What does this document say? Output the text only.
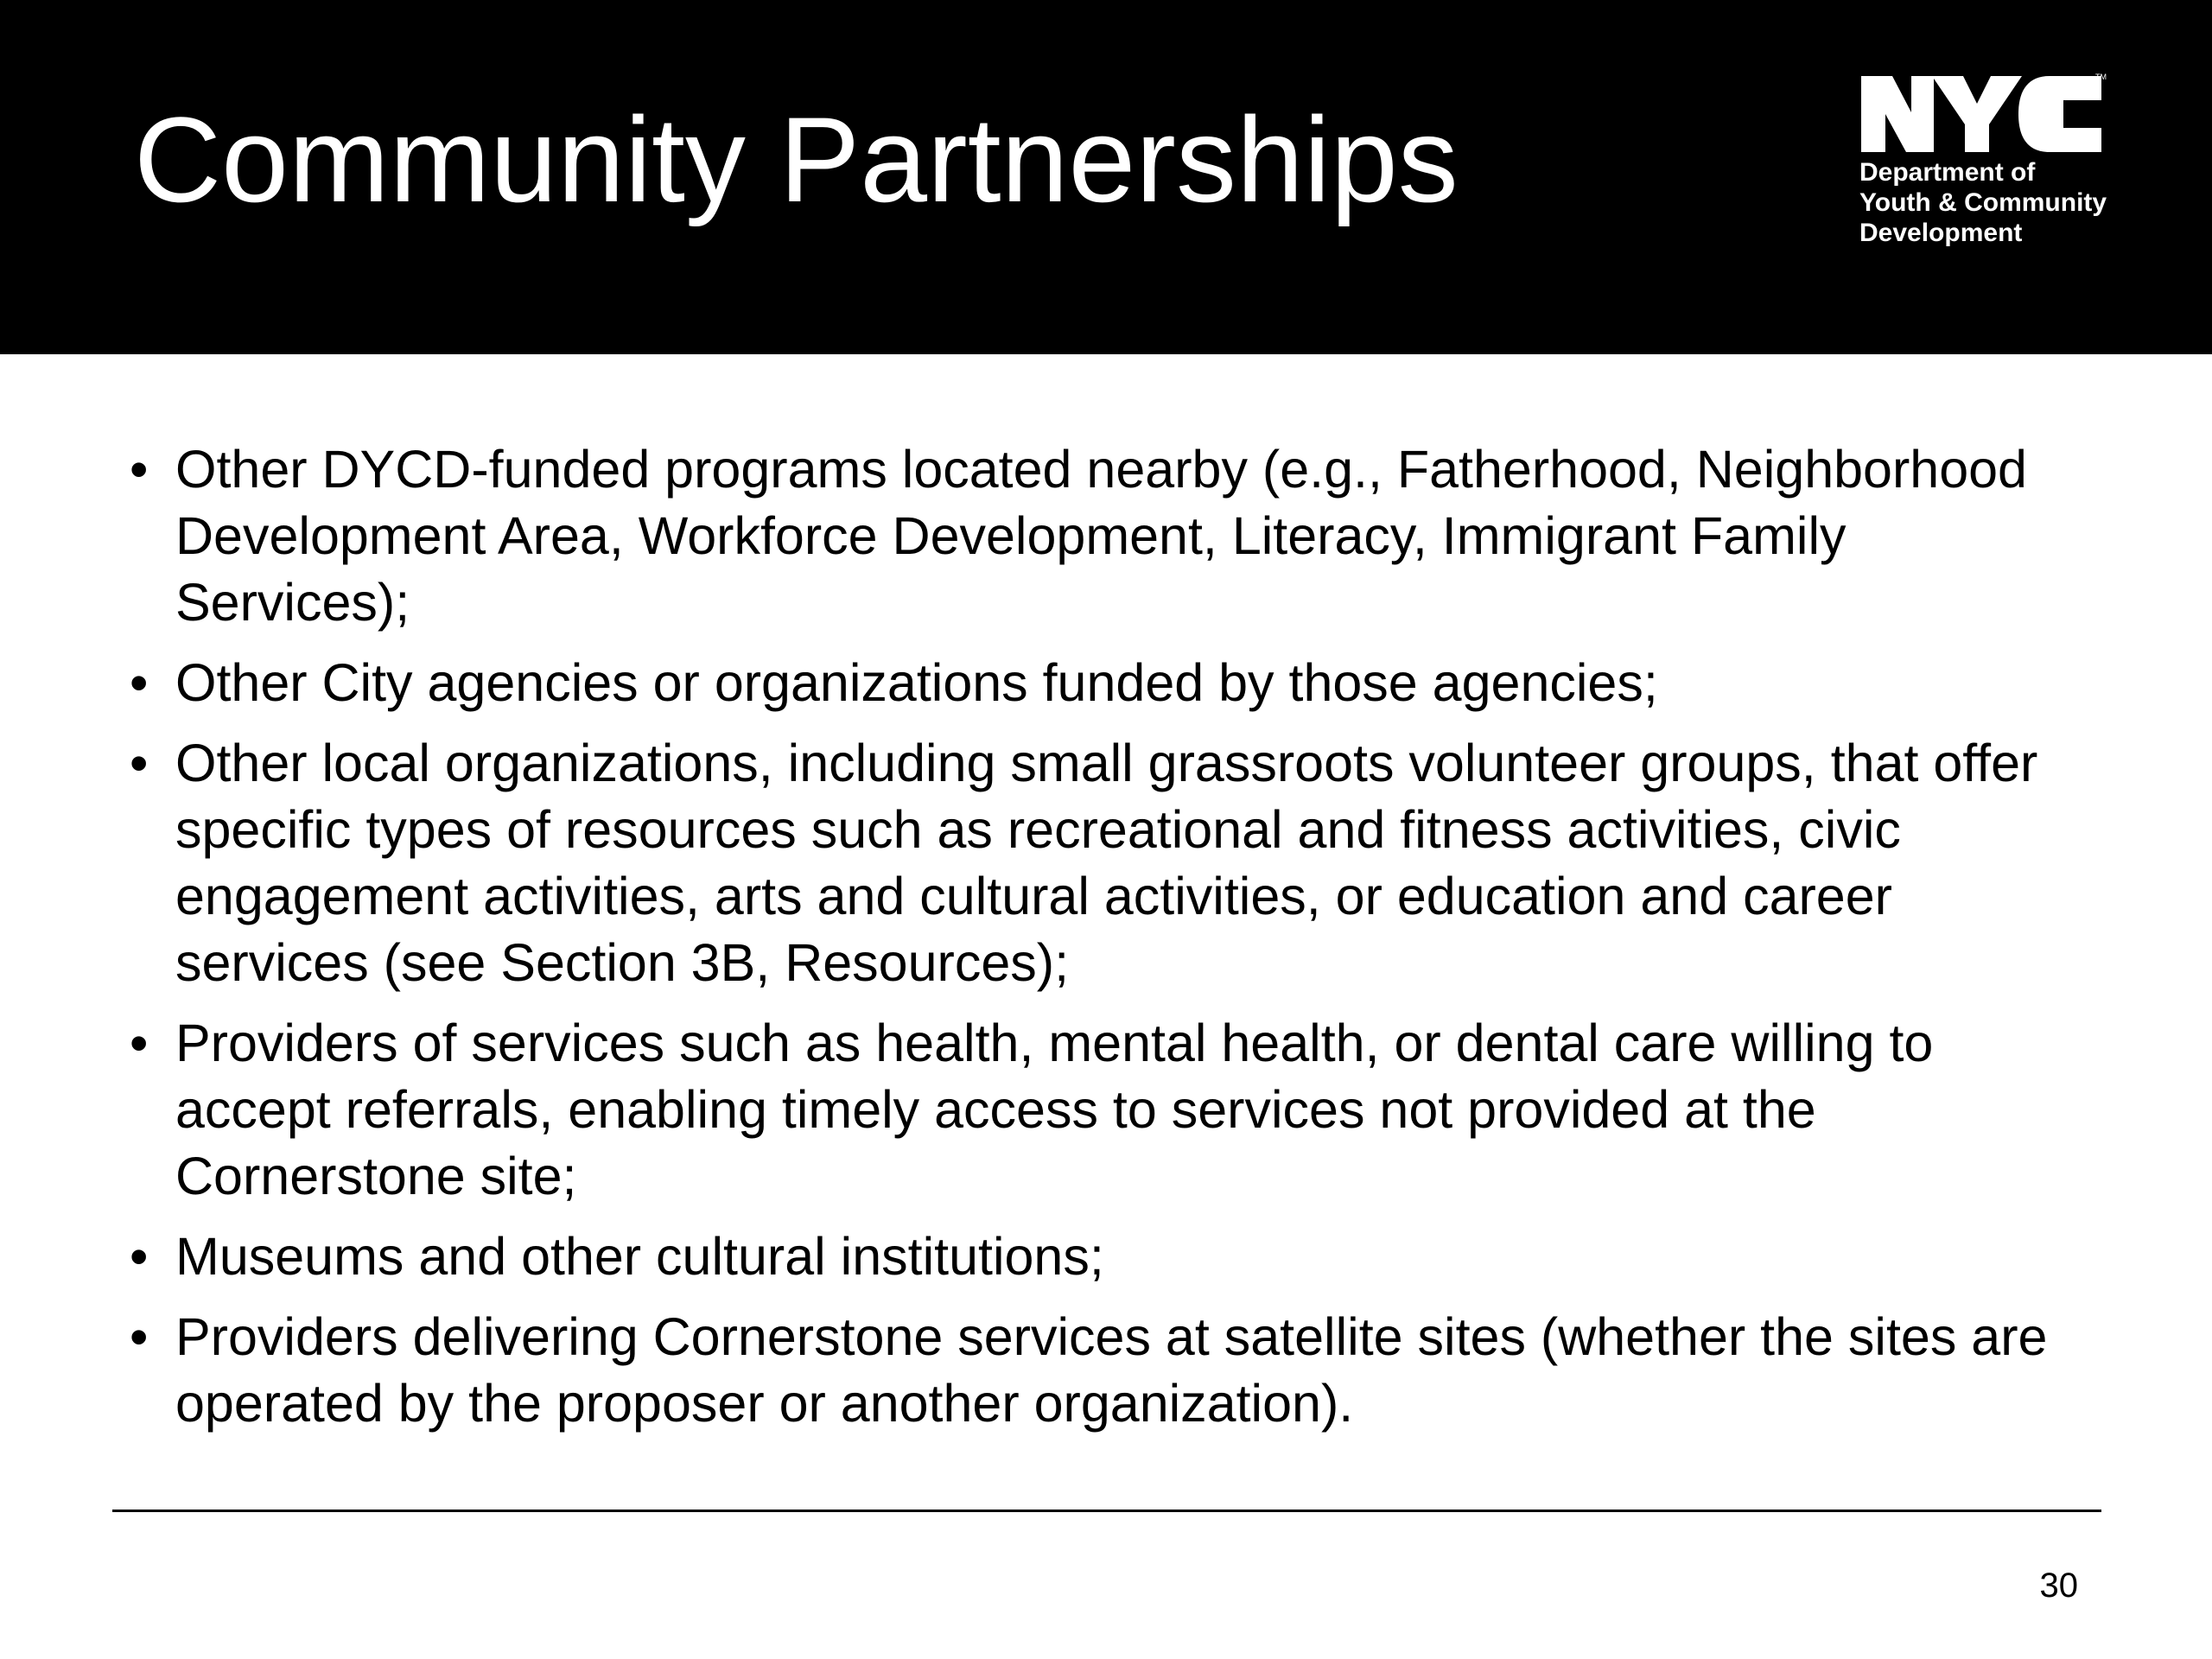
Community Partnerships
TM
Department of
Youth & Community
Development
• Other DYCD-funded programs located nearby (e.g., Fatherhood, Neighborhood Development Area, Workforce Development, Literacy, Immigrant Family Services);
• Other City agencies or organizations funded by those agencies;
• Other local organizations, including small grassroots volunteer groups, that offer specific types of resources such as recreational and fitness activities, civic engagement activities, arts and cultural activities, or education and career services (see Section 3B, Resources);
• Providers of services such as health, mental health, or dental care willing to accept referrals, enabling timely access to services not provided at the Cornerstone site;
• Museums and other cultural institutions;
• Providers delivering Cornerstone services at satellite sites (whether the sites are operated by the proposer or another organization).
30
